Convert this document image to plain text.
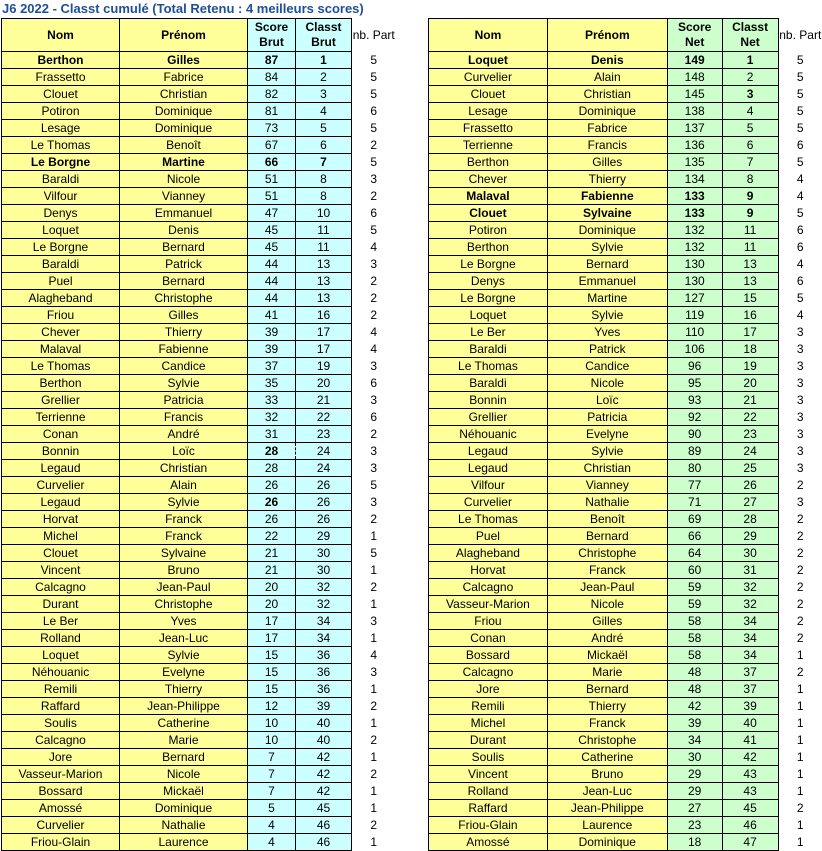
J6 2022 - Classt cumulé (Total Retenu : 4 meilleurs scores)
Nom	Prénom	Score Brut	Classt Brut	nb. Part
Berthon	Gilles	87	1	5
Frassetto	Fabrice	84	2	5
Clouet	Christian	82	3	5
Potiron	Dominique	81	4	6
Lesage	Dominique	73	5	5
Le Thomas	Benoît	67	6	2
Le Borgne	Martine	66	7	5
Baraldi	Nicole	51	8	3
Vilfour	Vianney	51	8	2
Denys	Emmanuel	47	10	6
Loquet	Denis	45	11	5
Le Borgne	Bernard	45	11	4
Baraldi	Patrick	44	13	3
Puel	Bernard	44	13	2
Alagheband	Christophe	44	13	2
Friou	Gilles	41	16	2
Chever	Thierry	39	17	4
Malaval	Fabienne	39	17	4
Le Thomas	Candice	37	19	3
Berthon	Sylvie	35	20	6
Grellier	Patricia	33	21	3
Terrienne	Francis	32	22	6
Conan	André	31	23	2
Bonnin	Loïc	28	24	3
Legaud	Christian	28	24	3
Curvelier	Alain	26	26	5
Legaud	Sylvie	26	26	3
Horvat	Franck	26	26	2
Michel	Franck	22	29	1
Clouet	Sylvaine	21	30	5
Vincent	Bruno	21	30	1
Calcagno	Jean-Paul	20	32	2
Durant	Christophe	20	32	1
Le Ber	Yves	17	34	3
Rolland	Jean-Luc	17	34	1
Loquet	Sylvie	15	36	4
Néhouanic	Evelyne	15	36	3
Remili	Thierry	15	36	1
Raffard	Jean-Philippe	12	39	2
Soulis	Catherine	10	40	1
Calcagno	Marie	10	40	2
Jore	Bernard	7	42	1
Vasseur-Marion	Nicole	7	42	2
Bossard	Mickaël	7	42	1
Amossé	Dominique	5	45	1
Curvelier	Nathalie	4	46	2
Friou-Glain	Laurence	4	46	1
Nom	Prénom	Score Net	Classt Net	nb. Part
Loquet	Denis	149	1	5
Curvelier	Alain	148	2	5
Clouet	Christian	145	3	5
Lesage	Dominique	138	4	5
Frassetto	Fabrice	137	5	5
Terrienne	Francis	136	6	6
Berthon	Gilles	135	7	5
Chever	Thierry	134	8	4
Malaval	Fabienne	133	9	4
Clouet	Sylvaine	133	9	5
Potiron	Dominique	132	11	6
Berthon	Sylvie	132	11	6
Le Borgne	Bernard	130	13	4
Denys	Emmanuel	130	13	6
Le Borgne	Martine	127	15	5
Loquet	Sylvie	119	16	4
Le Ber	Yves	110	17	3
Baraldi	Patrick	106	18	3
Le Thomas	Candice	96	19	3
Baraldi	Nicole	95	20	3
Bonnin	Loïc	93	21	3
Grellier	Patricia	92	22	3
Néhouanic	Evelyne	90	23	3
Legaud	Sylvie	89	24	3
Legaud	Christian	80	25	3
Vilfour	Vianney	77	26	2
Curvelier	Nathalie	71	27	3
Le Thomas	Benoît	69	28	2
Puel	Bernard	66	29	2
Alagheband	Christophe	64	30	2
Horvat	Franck	60	31	2
Calcagno	Jean-Paul	59	32	2
Vasseur-Marion	Nicole	59	32	2
Friou	Gilles	58	34	2
Conan	André	58	34	2
Bossard	Mickaël	58	34	1
Calcagno	Marie	48	37	2
Jore	Bernard	48	37	1
Remili	Thierry	42	39	1
Michel	Franck	39	40	1
Durant	Christophe	34	41	1
Soulis	Catherine	30	42	1
Vincent	Bruno	29	43	1
Rolland	Jean-Luc	29	43	1
Raffard	Jean-Philippe	27	45	2
Friou-Glain	Laurence	23	46	1
Amossé	Dominique	18	47	1
